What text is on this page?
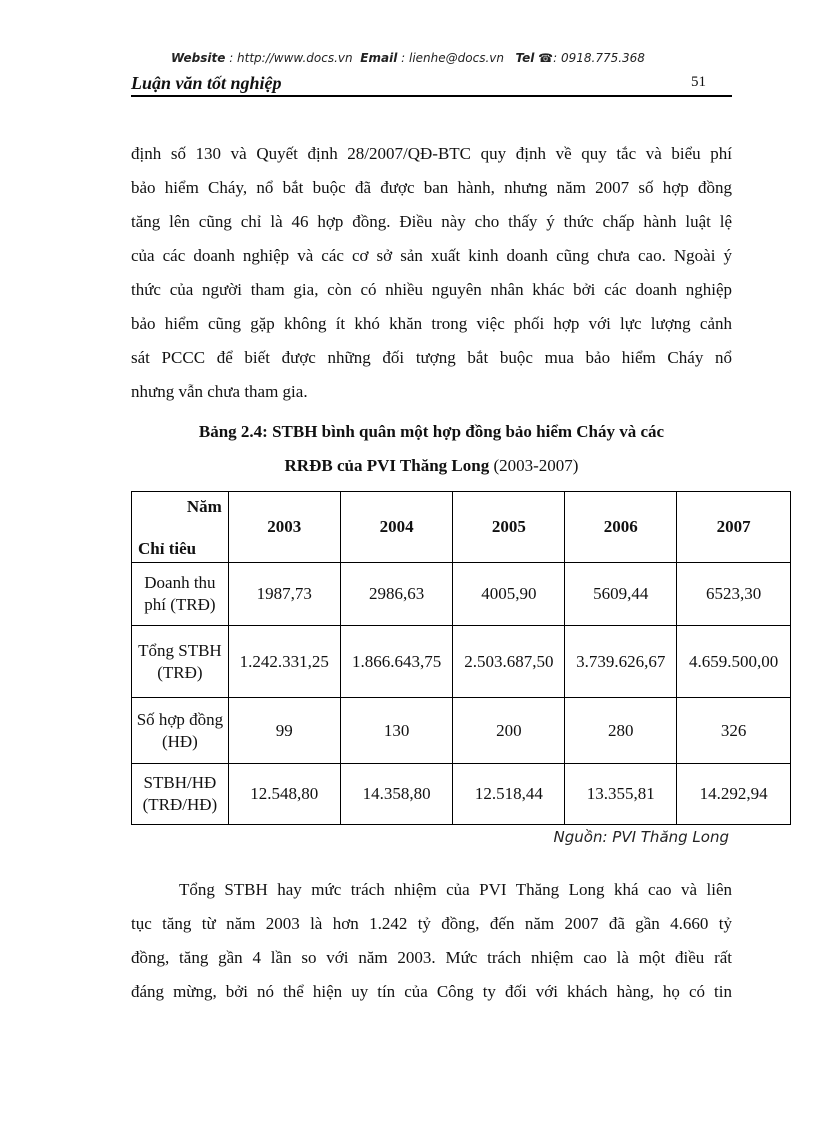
Website : http://www.docs.vn Email : lienhe@docs.vn Tel ☎: 0918.775.368
Luận văn tốt nghiệp	51
định số 130 và Quyết định 28/2007/QĐ-BTC quy định về quy tắc và biểu phí
bảo hiểm Cháy, nổ bắt buộc đã được ban hành, nhưng năm 2007 số hợp đồng
tăng lên cũng chỉ là 46 hợp đồng. Điều này cho thấy ý thức chấp hành luật lệ
của các doanh nghiệp và các cơ sở sản xuất kinh doanh cũng chưa cao. Ngoài ý
thức của người tham gia, còn có nhiều nguyên nhân khác bởi các doanh nghiệp
bảo hiểm cũng gặp không ít khó khăn trong việc phối hợp với lực lượng cảnh
sát PCCC để biết được những đối tượng bắt buộc mua bảo hiểm Cháy nổ
nhưng vẫn chưa tham gia.
Bảng 2.4: STBH bình quân một hợp đồng bảo hiểm Cháy và các
RRĐB của PVI Thăng Long (2003-2007)
Năm
Chỉ tiêu	2003	2004	2005	2006	2007
Doanh thu phí (TRĐ)	1987,73	2986,63	4005,90	5609,44	6523,30
Tổng STBH (TRĐ)	1.242.331,25	1.866.643,75	2.503.687,50	3.739.626,67	4.659.500,00
Số hợp đồng (HĐ)	99	130	200	280	326
STBH/HĐ (TRĐ/HĐ)	12.548,80	14.358,80	12.518,44	13.355,81	14.292,94
Nguồn: PVI Thăng Long
Tổng STBH hay mức trách nhiệm của PVI Thăng Long khá cao và liên
tục tăng từ năm 2003 là hơn 1.242 tỷ đồng, đến năm 2007 đã gần 4.660 tỷ
đồng, tăng gần 4 lần so với năm 2003. Mức trách nhiệm cao là một điều rất
đáng mừng, bởi nó thể hiện uy tín của Công ty đối với khách hàng, họ có tin
